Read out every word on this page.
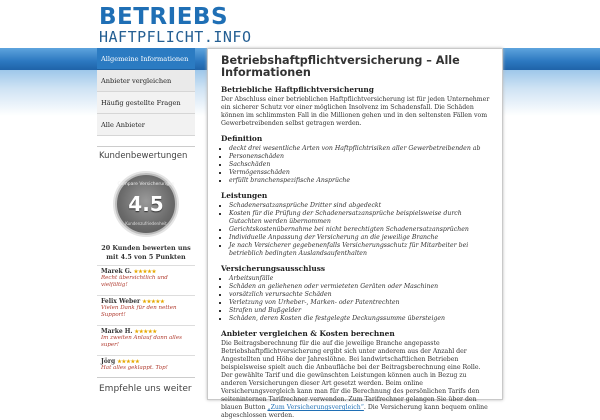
BETRIEBS
HAFTPFLICHT.INFO
Allgemeine Informationen
Anbieter vergleichen
Häufig gestellte Fragen
Alle Anbieter
Kundenbewertungen
Compare Versicherungen
4.5
Kundenzufriedenheit
20 Kunden bewerten uns mit 4.5 von 5 Punkten
Marek G. ★★★★★
Recht übersichtlich und vielfältig!
Felix Weber ★★★★★
Vielen Dank für den netten Support!
Marke H. ★★★★★
Im zweiten Anlauf dann alles super!
Jörg ★★★★★
Hat alles geklappt. Top!
Empfehle uns weiter
Betriebshaftpflichtversicherung – Alle Informationen
Betriebliche Haftpflichtversicherung

Der Abschluss einer betrieblichen Haftpflichtversicherung ist für jeden Unternehmer ein sicherer Schutz vor einer möglichen Insolvenz im Schadensfall. Die Schäden können im schlimmsten Fall in die Millionen gehen und in den seltensten Fällen vom Gewerbetreibenden selbst getragen werden.

Definition
▪ deckt drei wesentliche Arten von Haftpflichtrisiken aller Gewerbetreibenden ab
▪ Personenschäden
▪ Sachschäden
▪ Vermögensschäden
▪ erfüllt branchenspezifische Ansprüche
Leistungen
▪ Schadenersatzansprüche Dritter sind abgedeckt
▪ Kosten für die Prüfung der Schadenersatzansprüche beispielsweise durch Gutachten werden übernommen
▪ Gerichtskostenübernahme bei nicht berechtigten Schadenersatzansprüchen
▪ Individuelle Anpassung der Versicherung an die jeweilige Branche
▪ Je nach Versicherer gegebenenfalls Versicherungsschutz für Mitarbeiter bei betrieblich bedingten Auslandsaufenthalten
Versicherungsausschluss
▪ Arbeitsunfälle
▪ Schäden an geliehenen oder vermieteten Geräten oder Maschinen
▪ vorsätzlich verursachte Schäden
▪ Verletzung von Urheber-, Marken- oder Patentrechten
▪ Strafen und Bußgelder
▪ Schäden, deren Kosten die festgelegte Deckungssumme übersteigen
Anbieter vergleichen & Kosten berechnen

Die Beitragsberechnung für die auf die jeweilige Branche angepasste Betriebshaftpflichtversicherung ergibt sich unter anderem aus der Anzahl der Angestellten und Höhe der Jahreslöhne. Bei landwirtschaftlichen Betrieben beispielsweise spielt auch die Anbaufläche bei der Beitragsberechnung eine Rolle. Der gewählte Tarif und die gewünschten Leistungen können auch in Bezug zu anderen Versicherungen dieser Art gesetzt werden. Beim online Versicherungsvergleich kann man für die Berechnung des persönlichen Tarifs den seiteninternen Tarifrechner verwenden. Zum Tarifrechner gelangen Sie über den blauen Button „Zum Versicherungsvergleich“. Die Versicherung kann bequem online abgeschlossen werden.
